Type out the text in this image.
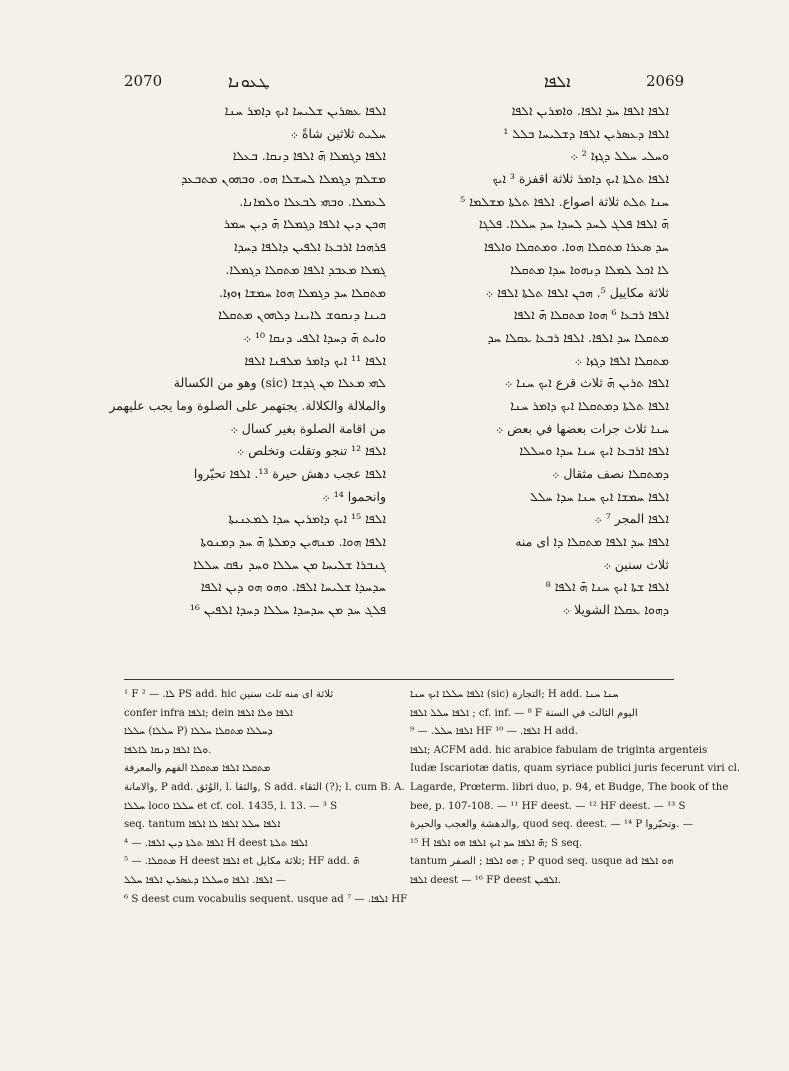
2070	ܛܥܘܢܐ	ܐܠܦܐ	2069
ܐܠܦܐ ܥܣܪܝܢ ܫܠܝܚܐ ܐܝܟ ܕܐܡܪ ܚܢܐ
ܚܠܝܬ ثلاثين شاةً ܀
ܐܠܦܐ ܕܓܡܠܐ ܗ̄ ܐܠܦܐ ܕܢܩܐ. ܒܥܠܐ
ܡܫܠܡ ܕܓܡܠܐ ܠܚܫܠܐ ܗܘ. ܘܒܗܘܢ ܡܬܒܥܕ
ܠܥܡܠܐ. ܘܒܗܝ ܠܒܥܠܐ ܘܠܡܐܢܐ.
ܗܟܢ ܕܝܢ ܐܠܦܐ ܕܓܡܠܐ ܗ̄ ܕܝܢ ܚܡܪ
ܦܪܗܟܐ ܐܪܒܥܐ ܐܠܦܝܢ ܕܐܠܦܐ ܕܚܕܐ
ܓܡܠܐ ܡܥܒܕ ܐܠܦܐ ܡܬܩܠܐ ܕܓܡܠܐ.
ܡܬܩܠܐ ܚܕ ܕܓܡܠܐ ܗܘܐ ܚܡܫܐ ܙܘܙܐ.
ܟܝܢܐ ܕܢܩܘܫ ܠܐܝܢܐ ܕܠܗܘܢ ܡܬܩܠܐ
ܘܐܝܬ ܗ̄ ܕܚܕܐ ܐܠܦܝ ܕܢܩܐ ¹⁰ ܀
ܐܠܦܐ ¹¹ ܐܝܟ ܕܐܡܪ ܡܠܦܢܐ ܐܠܦܐ
ܠܗܝ ܡܥܠܐ ܡܢ ܓܕܫܐ (sic) وهو من الكسالة
والملالة والكلالة. يجتهمر على الصلوة وما يجب عليهمر
من اقامة الصلوة بغير كسال ܀
ܐܠܦܐ ¹² تنجو وتقلت وتخلص ܀
ܐܠܦܐ عجب دهش حيرة ¹³. ܐܠܦܐ تحيّروا
وانحموا ¹⁴ ܀
ܐܠܦܐ ¹⁵ ܐܝܟ ܕܐܡܪܝܢ ܚܕܐ ܠܡܥܢܝܬܐ
ܐܠܦܐ ܗܘܐ. ܡܢܗܝܢ ܕܡܠܬܐ ܗ̄ ܚܕ ܕܡܢܘܬܐ
ܓܢܒܪܐ ܫܠܝܚܐ ܡܢ ܚܠܠܐ ܘܚܕ ܢܦܩ ܚܠܠܐ
ܚܕܚܕܐ ܫܠܝܚܐ ܐܠܦܐ. ܘܗܘ ܗܘ ܕܝܢ ܐܠܦܐ
ܦܠܓ ܚܕ ܡܢ ܚܕܚܕܐ ܚܠܠܐ ܕܚܕܐ ܐܠܦܝܢ ¹⁶
ܐܠܦܐ ܐܠܦܐ ܚܕ ܐܠܦܐ. ܘܐܡܪܝܢ ܐܠܦܐ
ܐܠܦܐ ܕܥܣܪܝܢ ܐܠܦܐ ܕܫܠܝܚܐ ܒܠܠ ¹
ܘܚܠܝ ܚܠܠ ܕܓܙܐ ² ܀
ܐܠܦܐ ܬܠܬܐ ܐܝܟ ܕܐܡܪ ثلاثة اقفزة ³ ܐܝܟ
ܚܢܐ ܬܠܬ ثلاثة اصواع. ܐܠܦܐ ܬܠܬܐ ܡܫܠܡܐ ⁵
ܗ̄ ܐܠܦܐ ܦܠܓ ܠܚܕ ܠܚܕܐ ܚܕ ܚܠܠܐ. ܦܠܓܐ
ܚܕ ܣܥܪܐ ܡܬܩܠܐ ܗܘܐ. ܘܡܬܩܠܐ ܘܐܠܦܐ
ܠܐ ܐܟܠ ܠܡܠܐ ܕܢܗܘܐ ܚܕܐ ܡܬܩܠܐ
ثلاثة مكاييل ⁵. ܗܟܢ ܐܠܦܐ ܬܠܬܐ ܐܠܦܐ ܀
ܐܠܦܐ ܪܒܥܐ ⁶ ܗܘܐ ܡܬܩܠܐ ܗ̄ ܐܠܦܐ
ܡܬܩܠܐ ܚܕ ܐܠܦܐ. ܐܠܦܐ ܪܒܥܐ ܥܩܠܐ ܚܕ
ܡܬܩܠܐ ܐܠܦܐ ܕܓܙܐ ܀
ܐܠܦܐ ܬܪܝܢ ܗ̄ ثلاث قرع ܐܝܟ ܚܢܐ ܀
ܐܠܦܐ ܬܠܬܐ ܕܡܬܩܠܐ ܐܝܟ ܕܐܡܪ ܚܢܐ
ܚܢܐ ثلاث جرات بعضها في بعض ܀
ܐܠܦܐ ܐܪܒܥܐ ܐܝܟ ܚܢܐ ܚܕܐ ܘܚܠܠܐ
ܕܡܬܩܠܐ نصف مثقال ܀
ܐܠܦܐ ܚܡܫܐ ܐܝܟ ܚܢܐ ܚܕܐ ܚܠܠ
ܐܠܦܐ المجر ⁷ ܀
ܐܠܦܐ ܚܕ ܐܠܦܐ ܡܬܩܠܐ ܕܐ اى منه
ثلاث سنين ܀
ܐܠܦܐ ܫܬܐ ܐܝܟ ܚܢܐ ܗ̄ ܐܠܦܐ ⁸
ܕܗܘܐ ܥܩܠܐ الشويلا ܀
¹ F ܠܐ. — ² PS add. hic ثلاثة اى منه ثلث سنين
confer infra ܐܠܦܐ; dein ܐܠܦܐ ܘܠܐ ܐܠܦܐ
ܚܠܠܐ (ܚܠܠܐ P) ܕܚܠܠܐ ܡܬܩܠܐ ܚܠܠܐ
ܘܠܐ ܐܠܦܐ ܕܢܩܐ ܠܐܠܦܐ.
ܡܬܩܠܐ ܐܠܦܐ ܡܬܩܠܐ الفهم والمعرفة
والامانة, P add. الوُثق, l. والثقا, S add. الثقاء (?); l. cum B. A.
ܚܠܠܐ loco ܚܠܠܐ et cf. col. 1435, l. 13. — ³ S
seq. tantum ܐܠܦܐ ܚܠܠ ܐܠܦܐ ܠܐ ܐܠܦܐ
ܐܠܦܐ ܬܠܬܐ ܕܝܢ ܐܠܦܐ. — ⁴ H deest ܐܠܦܐ ܬܠܬܐ
ܡܬܩܠܐ. — ⁵ H deest ܐܠܦܐ et ثلاثة مكايل; HF add. ܗ̄
ܐܠܦܐ. ܐܠܦܐ ܘܚܠܠܐ ܕܥܣܪܝܢ ܐܠܦܐ ܚܠܠ —
⁶ S deest cum vocabulis sequent. usque ad ܐܠܦܐ. — ⁷ HF
ܐܠܦܐ ܚܠܠܐ ܐܝܟ ܚܢܐ (sic) التجارة; H add. ܚܢܐ ܚܢܐ
ܐܠܦܐ ܚܠܠ ܐܠܦܐ ; cf. inf. — ⁸ F اليوم الثالث في السنة
ܐܠܦܐ ܚܠܠ. — ⁹ HF ܐܠܦܐ. — ¹⁰ H add.
ܐܠܦܐ; ACFM add. hic arabice fabulam de triginta argenteis
Iudæ Iscariotæ datis, quam syriace publici juris fecerunt viri cl.
Lagarde, Prœterm. libri duo, p. 94, et Budge, The book of the
bee, p. 107-108. — ¹¹ HF deest. — ¹² HF deest. — ¹³ S
والدهشة والعجب والحيرة, quod seq. deest. — ¹⁴ P وتحيّروا. —
¹⁵ H ܗ̄ ܐܠܦܐ ܚܕ ܐܝܟ ܐܠܦܐ ܗܘ ܐܠܦܐ; S seq.
tantum ܗܘ ܐܠܦܐ ; الصفر ; P quod seq. usque ad ܗܘ ܐܠܦܐ
ܐܠܦܐ deest — ¹⁶ FP deest ܐܠܦܝܢ.
